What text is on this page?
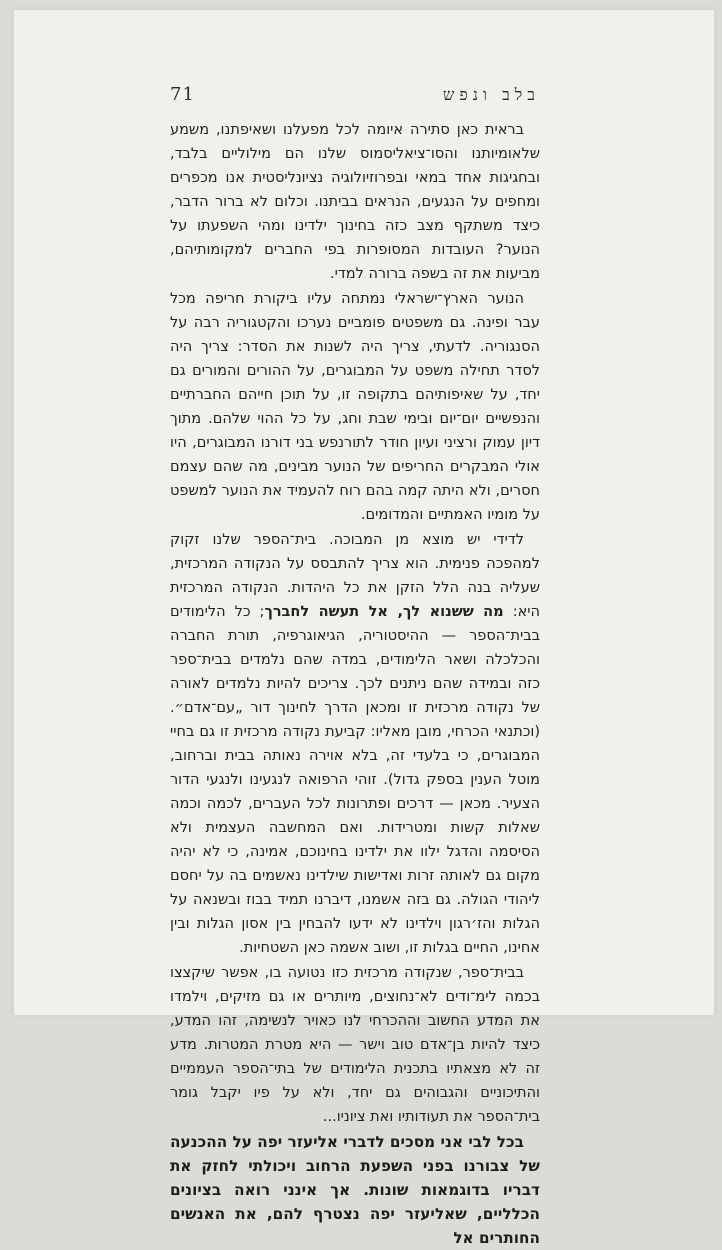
71	בלב ונפש

בראית כאן סתירה איומה לכל מפעלנו ושאיפתנו, משמע שלאומיותנו והסו־ציאליסמוס שלנו הם מילוליים בלבד, ובחגיגות אחד במאי ובפרוזיולוגיה נציונליסטית אנו מכפרים ומחפים על הנגעים, הנראים בביתנו. וכלום לא ברור הדבר, כיצד משתקף מצב כזה בחינוך ילדינו ומהי השפעתו על הנוער? העובדות המסופרות בפי החברים למקומותיהם, מביעות את זה בשפה ברורה למדי.

הנוער הארץ־ישראלי נמתחה עליו ביקורת חריפה מכל עבר ופינה. גם משפטים פומביים נערכו והקטגוריה רבה על הסנגוריה. לדעתי, צריך היה לשנות את הסדר: צריך היה לסדר תחילה משפט על המבוגרים, על ההורים והמורים גם יחד, על שאיפותיהם בתקופה זו, על תוכן חייהם החברתיים והנפשיים יום־יום ובימי שבת וחג, על כל ההוי שלהם. מתוך דיון עמוק ורציני ועיון חודר לתורנפש בני דורנו המבוגרים, היו אולי המבקרים החריפים של הנוער מבינים, מה שהם עצמם חסרים, ולא היתה קמה בהם רוח להעמיד את הנוער למשפט על מומיו האמתיים והמדומים.

לדידי יש מוצא מן המבוכה. בית־הספר שלנו זקוק למהפכה פנימית. הוא צריך להתבסס על הנקודה המרכזית, שעליה בנה הלל הזקן את כל היהדות. הנקודה המרכזית היא: מה ששנוא לך, אל תעשה לחברך; כל הלימודים בבית־הספר — ההיסטוריה, הגיאוגרפיה, תורת החברה והכלכלה ושאר הלימודים, במדה שהם נלמדים בבית־ספר כזה ובמידה שהם ניתנים לכך. צריכים להיות נלמדים לאורה של נקודה מרכזית זו ומכאן הדרך לחינוך דור „עם־אדם״. (וכתנאי הכרחי, מובן מאליו: קביעת נקודה מרכזית זו גם בחיי המבוגרים, כי בלעדי זה, בלא אוירה נאותה בבית וברחוב, מוטל הענין בספק גדול). זוהי הרפואה לנגעינו ולנגעי הדור הצעיר. מכאן — דרכים ופתרונות לכל העברים, לכמה וכמה שאלות קשות ומטרידות. ואם המחשבה העצמית ולא הסיסמה והדגל ילוו את ילדינו בחינוכם, אמינה, כי לא יהיה מקום גם לאותה זרות ואדישות שילדינו נאשמים בה על יחסם ליהודי הגולה. גם בזה אשמנו, דיברנו תמיד בבוז ובשנאה על הגלות והז׳רגון וילדינו לא ידעו להבחין בין אסון הגלות ובין אחינו, החיים בגלות זו, ושוב אשמה כאן השטחיות.

בבית־ספר, שנקודה מרכזית כזו נטועה בו, אפשר שיקצצו בכמה לימ־ודים לא־נחוצים, מיותרים או גם מזיקים, וילמדו את המדע החשוב וההכרחי לנו כאויר לנשימה, זהו המדע, כיצד להיות בן־אדם טוב וישר — היא מטרת המטרות. מדע זה לא מצאתיו בתכנית הלימודים של בתי־הספר העממיים והתיכוניים והגבוהים גם יחד, ולא על פיו יקבל גומר בית־הספר את תעודותיו ואת ציוניו...

בכל לבי אני מסכים לדברי אליעזר יפה על ההכנעה של צבורנו בפני השפעת הרחוב ויכולתי לחזק את דבריו בדוגמאות שונות. אך אינני רואה בציונים הכלליים, שאליעזר יפה נצטרף להם, את האנשים החותרים אל
